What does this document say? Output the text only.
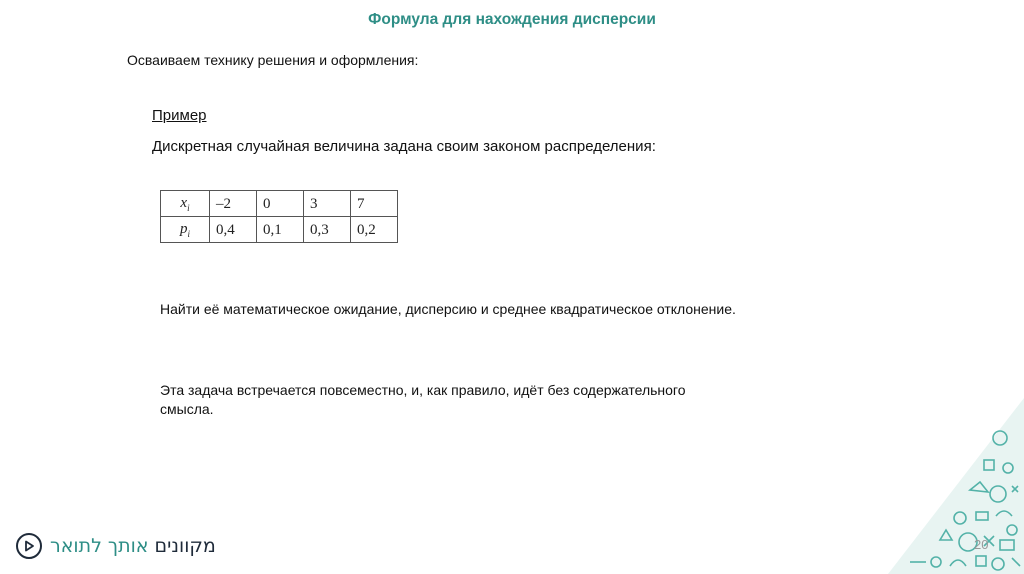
Формула для нахождения дисперсии
Осваиваем технику решения и оформления:
Пример
Дискретная случайная величина задана своим законом распределения:
$x_i$	–2	0	3	7
$p_i$	0,4	0,1	0,3	0,2
Найти её математическое ожидание, дисперсию и среднее квадратическое отклонение.
Эта задача встречается повсеместно, и, как правило, идёт без содержательного смысла.
מקוונים אותך לתואר	20
